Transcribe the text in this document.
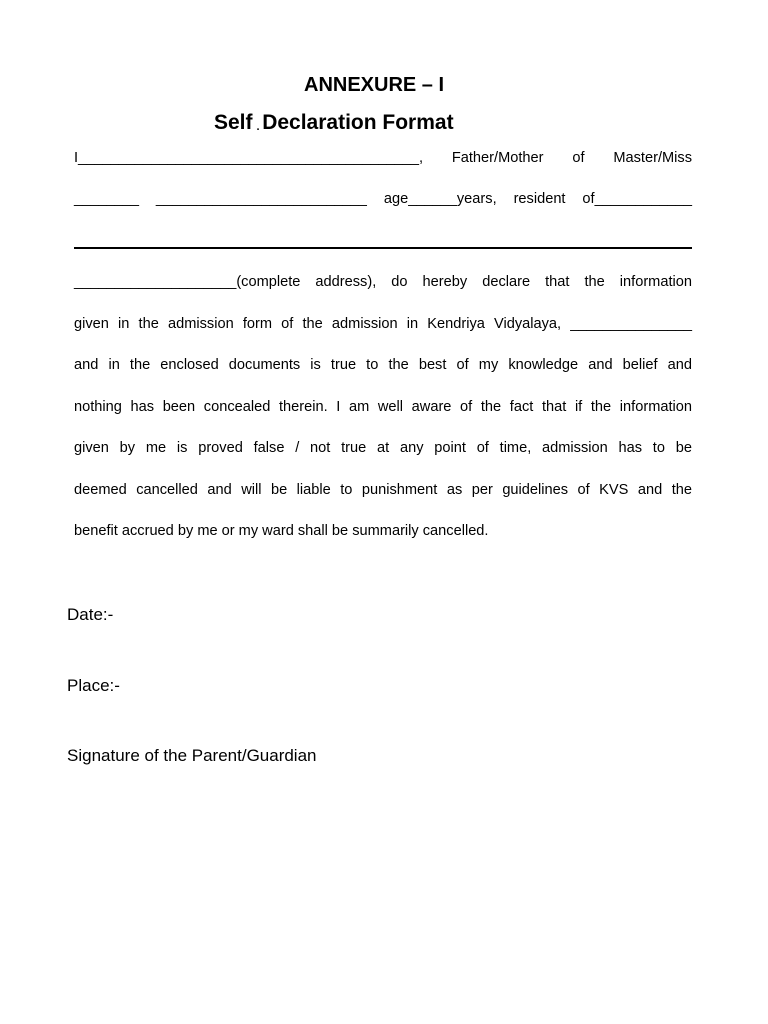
ANNEXURE – I
Self ·Declaration Format
I__________________________________________, Father/Mother of Master/Miss
________ __________________________ age______years, resident of____________
____________________(complete address), do hereby declare that the information
given in the admission form of the admission in Kendriya Vidyalaya, _______________
and in the enclosed documents is true to the best of my knowledge and belief and
nothing has been concealed therein. I am well aware of the fact that if the information
given by me is proved false / not true at any point of time, admission has to be
deemed cancelled and will be liable to punishment as per guidelines of KVS and the
benefit accrued by me or my ward shall be summarily cancelled.
Date:-
Place:-
Signature of the Parent/Guardian
